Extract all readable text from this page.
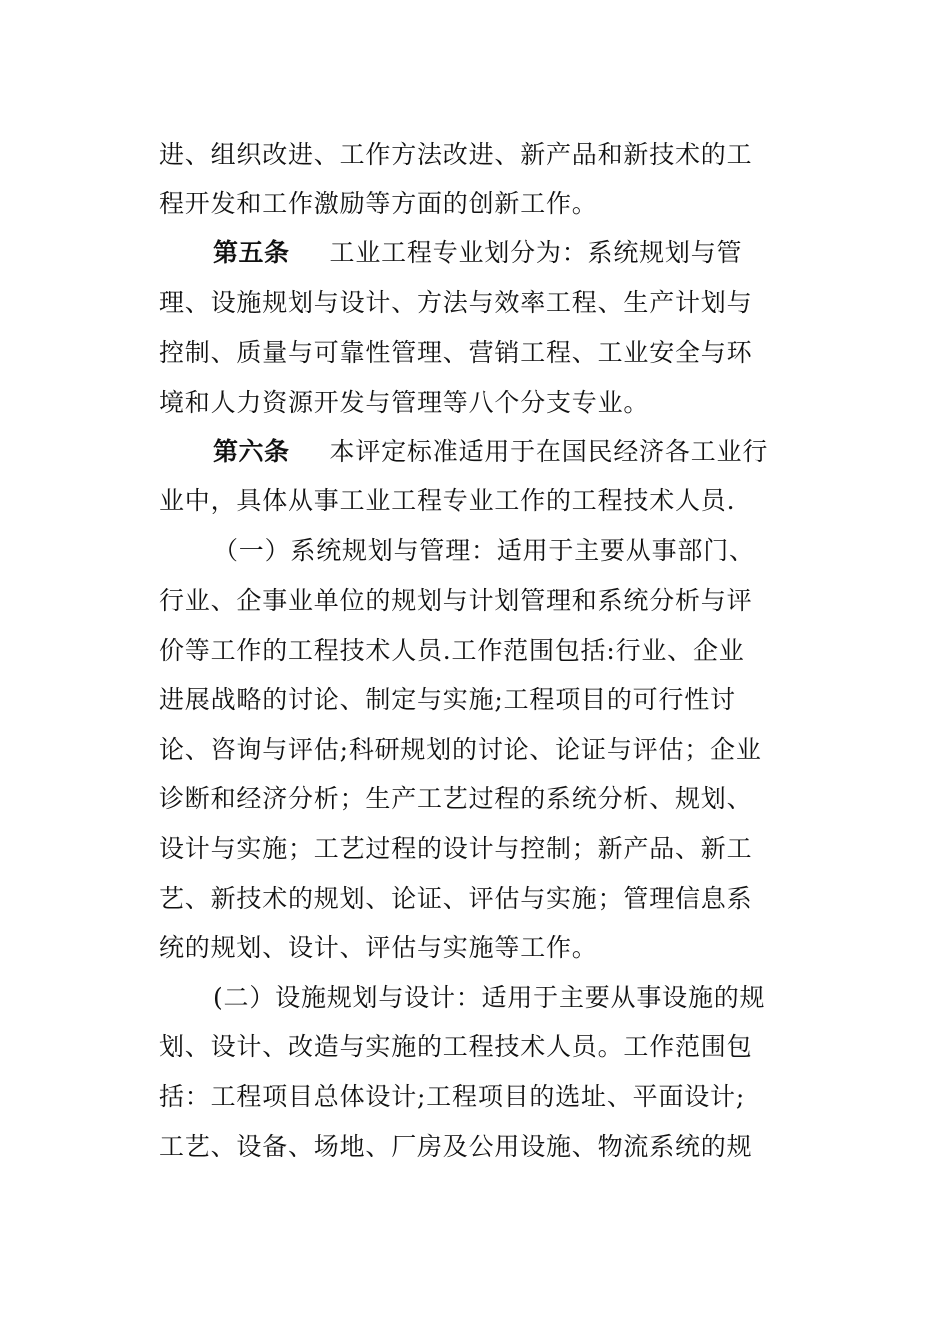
进、组织改进、工作方法改进、新产品和新技术的工
程开发和工作激励等方面的创新工作。
第五条 工业工程专业划分为：系统规划与管
理、设施规划与设计、方法与效率工程、生产计划与
控制、质量与可靠性管理、营销工程、工业安全与环
境和人力资源开发与管理等八个分支专业。
第六条 本评定标准适用于在国民经济各工业行
业中，具体从事工业工程专业工作的工程技术人员.
（一）系统规划与管理：适用于主要从事部门、
行业、企事业单位的规划与计划管理和系统分析与评
价等工作的工程技术人员.工作范围包括:行业、企业
进展战略的讨论、制定与实施;工程项目的可行性讨
论、咨询与评估;科研规划的讨论、论证与评估；企业
诊断和经济分析；生产工艺过程的系统分析、规划、
设计与实施；工艺过程的设计与控制；新产品、新工
艺、新技术的规划、论证、评估与实施；管理信息系
统的规划、设计、评估与实施等工作。
(二）设施规划与设计：适用于主要从事设施的规
划、设计、改造与实施的工程技术人员。工作范围包
括：工程项目总体设计;工程项目的选址、平面设计;
工艺、设备、场地、厂房及公用设施、物流系统的规
